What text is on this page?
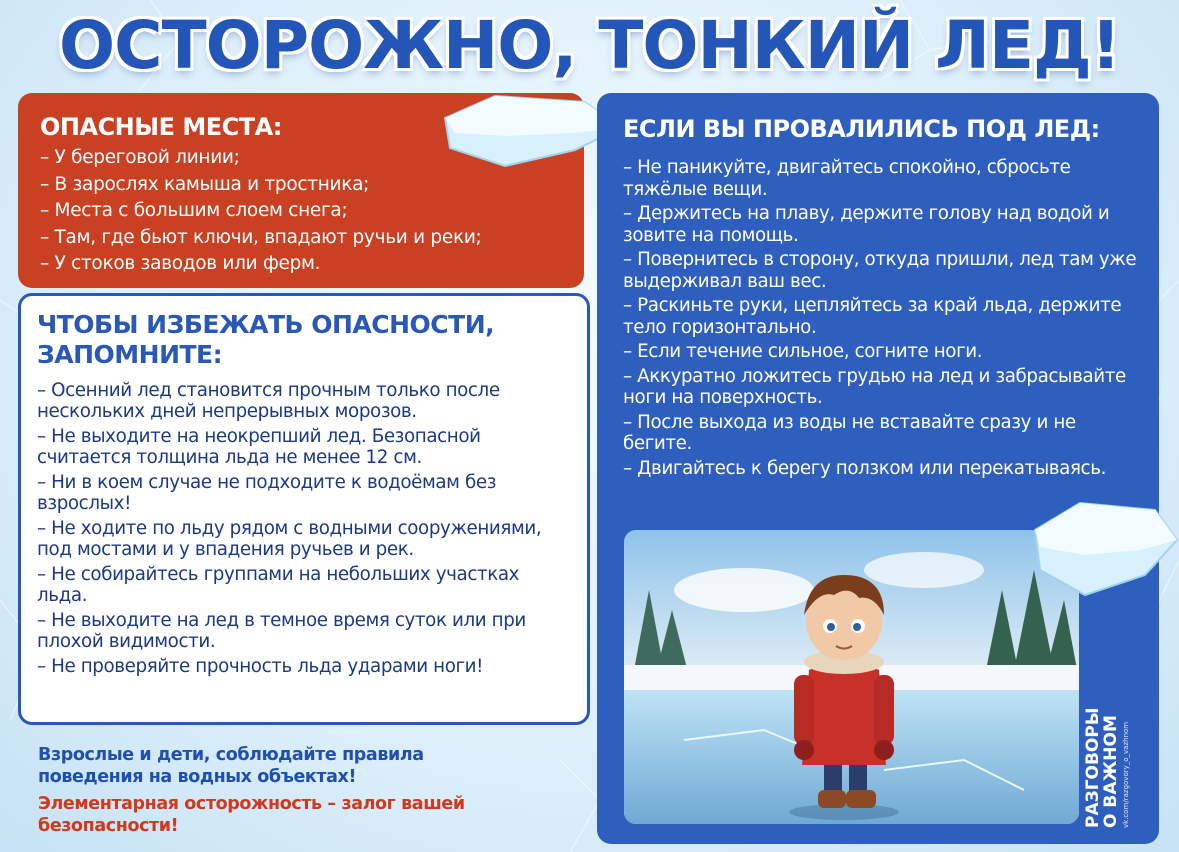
ОСТОРОЖНО, ТОНКИЙ ЛЕД!
ОПАСНЫЕ МЕСТА:
– У береговой линии;
– В зарослях камыша и тростника;
– Места с большим слоем снега;
– Там, где бьют ключи, впадают ручьи и реки;
– У стоков заводов или ферм.
ЧТОБЫ ИЗБЕЖАТЬ ОПАСНОСТИ,
ЗАПОМНИТЕ:
– Осенний лед становится прочным только после нескольких дней непрерывных морозов.
– Не выходите на неокрепший лед. Безопасной считается толщина льда не менее 12 см.
– Ни в коем случае не подходите к водоёмам без взрослых!
– Не ходите по льду рядом с водными сооружениями, под мостами и у впадения ручьев и рек.
– Не собирайтесь группами на небольших участках льда.
– Не выходите на лед в темное время суток или при плохой видимости.
– Не проверяйте прочность льда ударами ноги!
Взрослые и дети, соблюдайте правила поведения на водных объектах!
Элементарная осторожность – залог вашей безопасности!
ЕСЛИ ВЫ ПРОВАЛИЛИСЬ ПОД ЛЕД:
– Не паникуйте, двигайтесь спокойно, сбросьте тяжёлые вещи.
– Держитесь на плаву, держите голову над водой и зовите на помощь.
– Повернитесь в сторону, откуда пришли, лед там уже выдерживал ваш вес.
– Раскиньте руки, цепляйтесь за край льда, держите тело горизонтально.
– Если течение сильное, согните ноги.
– Аккуратно ложитесь грудью на лед и забрасывайте ноги на поверхность.
– После выхода из воды не вставайте сразу и не бегите.
– Двигайтесь к берегу ползком или перекатываясь.
РАЗГОВОРЫ
О ВАЖНОМ vk.com/razgovory_o_vazhnom
